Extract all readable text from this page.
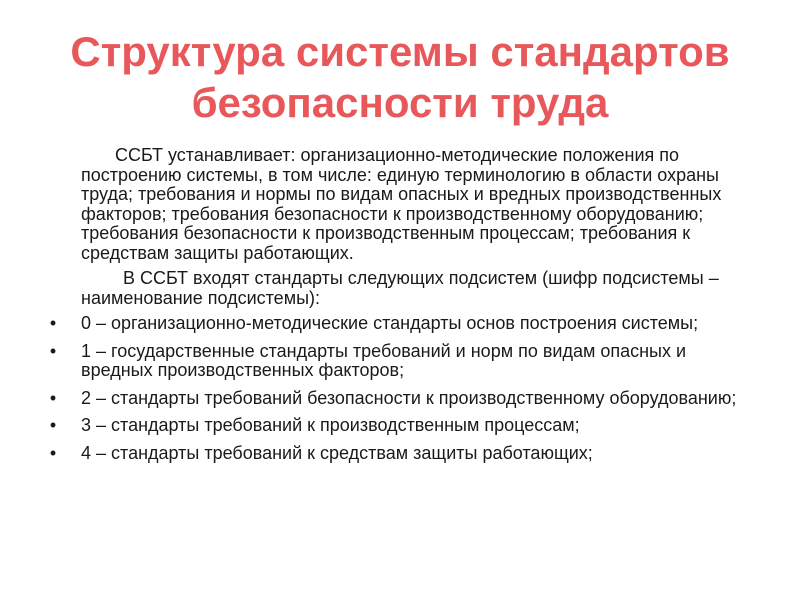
Структура системы стандартов
безопасности труда

ССБТ устанавливает: организационно-методические положения по построению системы, в том числе: единую терминологию в области охраны труда; требования и нормы по видам опасных и вредных производственных факторов; требования безопасности к производственному оборудованию; требования безопасности к производственным процессам; требования к средствам защиты работающих.

В ССБТ входят стандарты следующих подсистем (шифр подсистемы – наименование подсистемы):

• 0 – организационно-методические стандарты основ построения системы;
• 1 – государственные стандарты требований и норм по видам опасных и вредных производственных факторов;
• 2 – стандарты требований безопасности к производственному оборудованию;
• 3 – стандарты требований к производственным процессам;
• 4 – стандарты требований к средствам защиты работающих;
